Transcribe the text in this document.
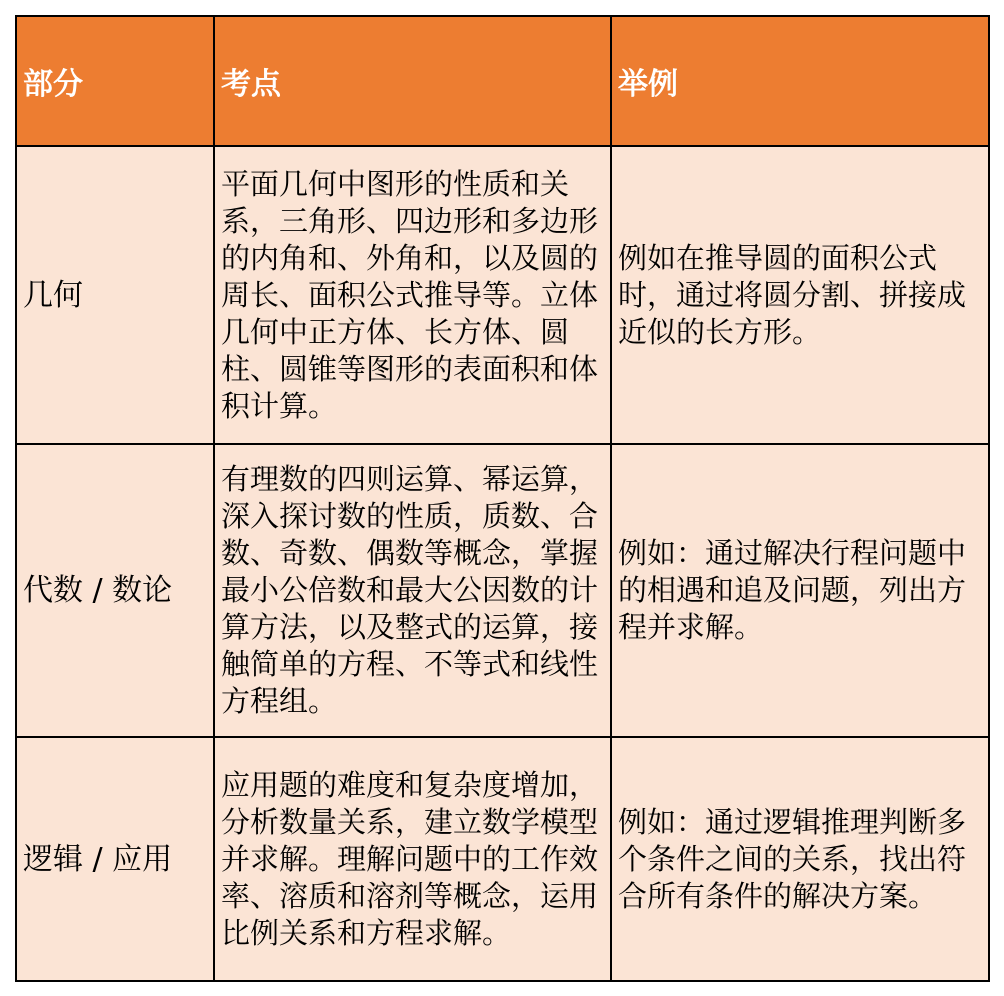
部分	考点	举例
几何	平面几何中图形的性质和关系，三角形、四边形和多边形的内角和、外角和，以及圆的周长、面积公式推导等。立体几何中正方体、长方体、圆柱、圆锥等图形的表面积和体积计算。	例如在推导圆的面积公式时，通过将圆分割、拼接成近似的长方形。
代数 / 数论	有理数的四则运算、幂运算，深入探讨数的性质，质数、合数、奇数、偶数等概念，掌握最小公倍数和最大公因数的计算方法，以及整式的运算，接触简单的方程、不等式和线性方程组。	例如：通过解决行程问题中的相遇和追及问题，列出方程并求解。
逻辑 / 应用	应用题的难度和复杂度增加，分析数量关系，建立数学模型并求解。理解问题中的工作效率、溶质和溶剂等概念，运用比例关系和方程求解。	例如：通过逻辑推理判断多个条件之间的关系，找出符合所有条件的解决方案。
